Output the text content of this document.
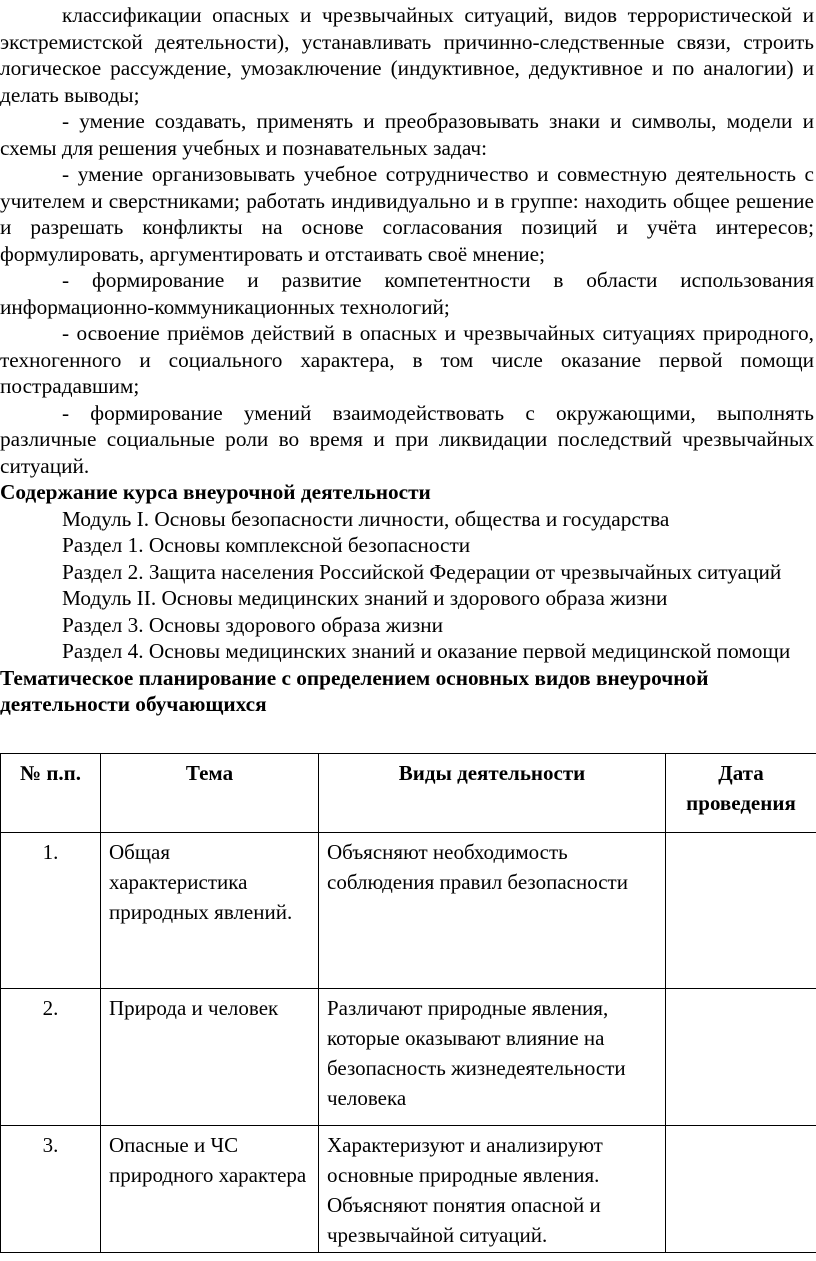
классификации опасных и чрезвычайных ситуаций, видов террористической и экстремистской деятельности), устанавливать причинно-следственные связи, строить логическое рассуждение, умозаключение (индуктивное, дедуктивное и по аналогии) и делать выводы;

- умение создавать, применять и преобразовывать знаки и символы, модели и схемы для решения учебных и познавательных задач:

- умение организовывать учебное сотрудничество и совместную деятельность с учителем и сверстниками; работать индивидуально и в группе: находить общее решение и разрешать конфликты на основе согласования позиций и учёта интересов; формулировать, аргументировать и отстаивать своё мнение;

- формирование и развитие компетентности в области использования информационно-коммуникационных технологий;

- освоение приёмов действий в опасных и чрезвычайных ситуациях природного, техногенного и социального характера, в том числе оказание первой помощи пострадавшим;

- формирование умений взаимодействовать с окружающими, выполнять различные социальные роли во время и при ликвидации последствий чрезвычайных ситуаций.

Содержание курса внеурочной деятельности

Модуль I. Основы безопасности личности, общества и государства

Раздел 1. Основы комплексной безопасности

Раздел 2. Защита населения Российской Федерации от чрезвычайных ситуаций

Модуль II. Основы медицинских знаний и здорового образа жизни

Раздел 3. Основы здорового образа жизни

Раздел 4. Основы медицинских знаний и оказание первой медицинской помощи

Тематическое планирование с определением основных видов внеурочной деятельности обучающихся

№ п.п.	Тема	Виды деятельности	Дата проведения
1.	Общая характеристика природных явлений.	Объясняют необходимость соблюдения правил безопасности	
2.	Природа и человек	Различают природные явления, которые оказывают влияние на безопасность жизнедеятельности человека	
3.	Опасные и ЧС природного характера	Характеризуют и анализируют основные природные явления. Объясняют понятия опасной и чрезвычайной ситуаций.	
